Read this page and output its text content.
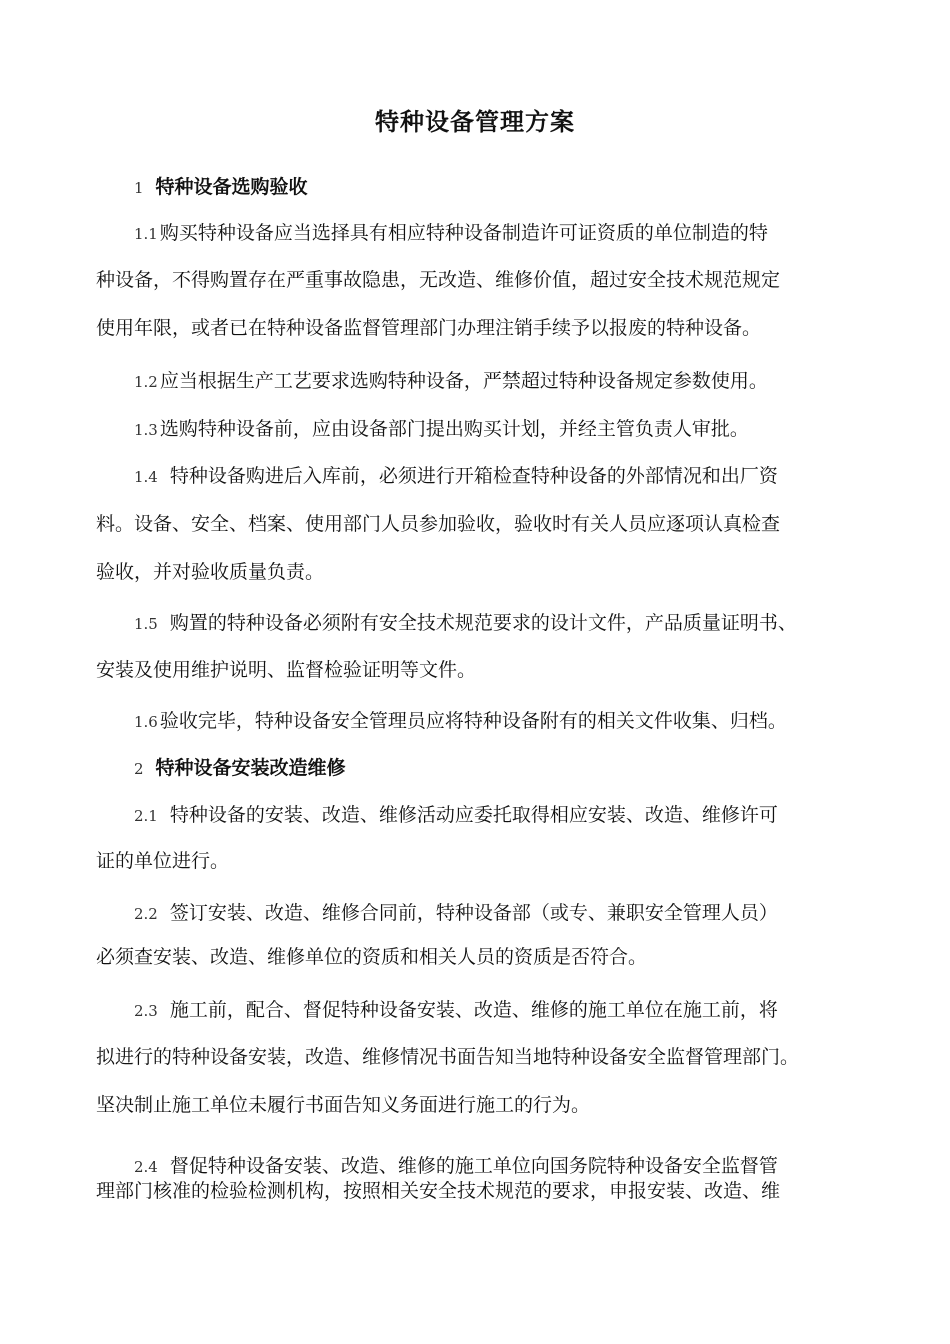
特种设备管理方案
1 特种设备选购验收
1.1 购买特种设备应当选择具有相应特种设备制造许可证资质的单位制造的特
种设备，不得购置存在严重事故隐患，无改造、维修价值，超过安全技术规范规定
使用年限，或者已在特种设备监督管理部门办理注销手续予以报废的特种设备。
1.2 应当根据生产工艺要求选购特种设备，严禁超过特种设备规定参数使用。
1.3 选购特种设备前，应由设备部门提出购买计划，并经主管负责人审批。
1.4 特种设备购进后入库前，必须进行开箱检查特种设备的外部情况和出厂资
料。设备、安全、档案、使用部门人员参加验收，验收时有关人员应逐项认真检查
验收，并对验收质量负责。
1.5 购置的特种设备必须附有安全技术规范要求的设计文件，产品质量证明书、
安装及使用维护说明、监督检验证明等文件。
1.6 验收完毕，特种设备安全管理员应将特种设备附有的相关文件收集、归档。
2 特种设备安装改造维修
2.1 特种设备的安装、改造、维修活动应委托取得相应安装、改造、维修许可
证的单位进行。
2.2 签订安装、改造、维修合同前，特种设备部（或专、兼职安全管理人员）
必须查安装、改造、维修单位的资质和相关人员的资质是否符合。
2.3 施工前，配合、督促特种设备安装、改造、维修的施工单位在施工前，将
拟进行的特种设备安装，改造、维修情况书面告知当地特种设备安全监督管理部门。
坚决制止施工单位未履行书面告知义务面进行施工的行为。
2.4 督促特种设备安装、改造、维修的施工单位向国务院特种设备安全监督管
理部门核准的检验检测机构，按照相关安全技术规范的要求，申报安装、改造、维
